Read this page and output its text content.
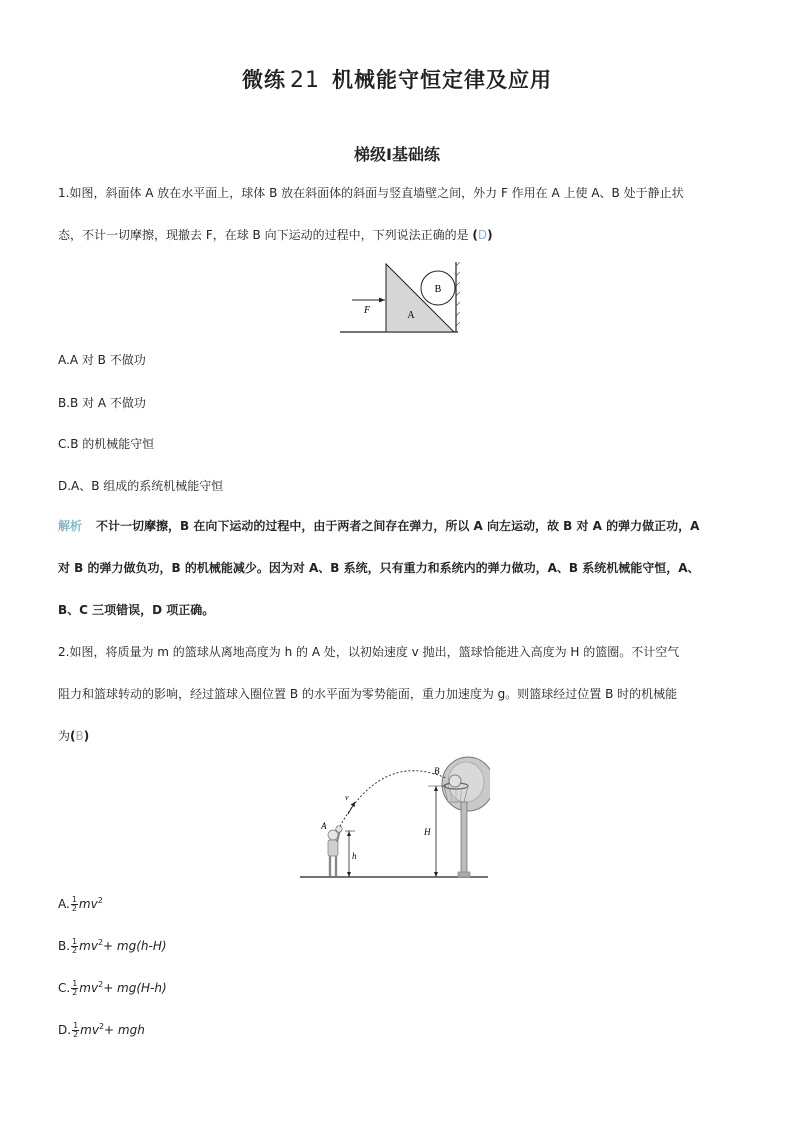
微练 21 机械能守恒定律及应用
梯级Ⅰ基础练
1.如图，斜面体 A 放在水平面上，球体 B 放在斜面体的斜面与竖直墙壁之间，外力 F 作用在 A 上使 A、B 处于静止状
态，不计一切摩擦，现撤去 F，在球 B 向下运动的过程中，下列说法正确的是 (D)
B
A
F
A.A 对 B 不做功
B.B 对 A 不做功
C.B 的机械能守恒
D.A、B 组成的系统机械能守恒
解析 不计一切摩擦，B 在向下运动的过程中，由于两者之间存在弹力，所以 A 向左运动，故 B 对 A 的弹力做正功，A
对 B 的弹力做负功，B 的机械能减少。因为对 A、B 系统，只有重力和系统内的弹力做功，A、B 系统机械能守恒，A、
B、C 三项错误，D 项正确。
2.如图，将质量为 m 的篮球从离地高度为 h 的 A 处，以初始速度 v 抛出，篮球恰能进入高度为 H 的篮圈。不计空气
阻力和篮球转动的影响，经过篮球入圈位置 B 的水平面为零势能面，重力加速度为 g。则篮球经过位置 B 时的机械能
为(B)
v
A
h
H
B
A. $\frac{1}{2} mv^2$
B. $\frac{1}{2} mv^2+ mg(h-H)$
C. $\frac{1}{2} mv^2+ mg(H-h)$
D. $\frac{1}{2} mv^2+$ mgh
